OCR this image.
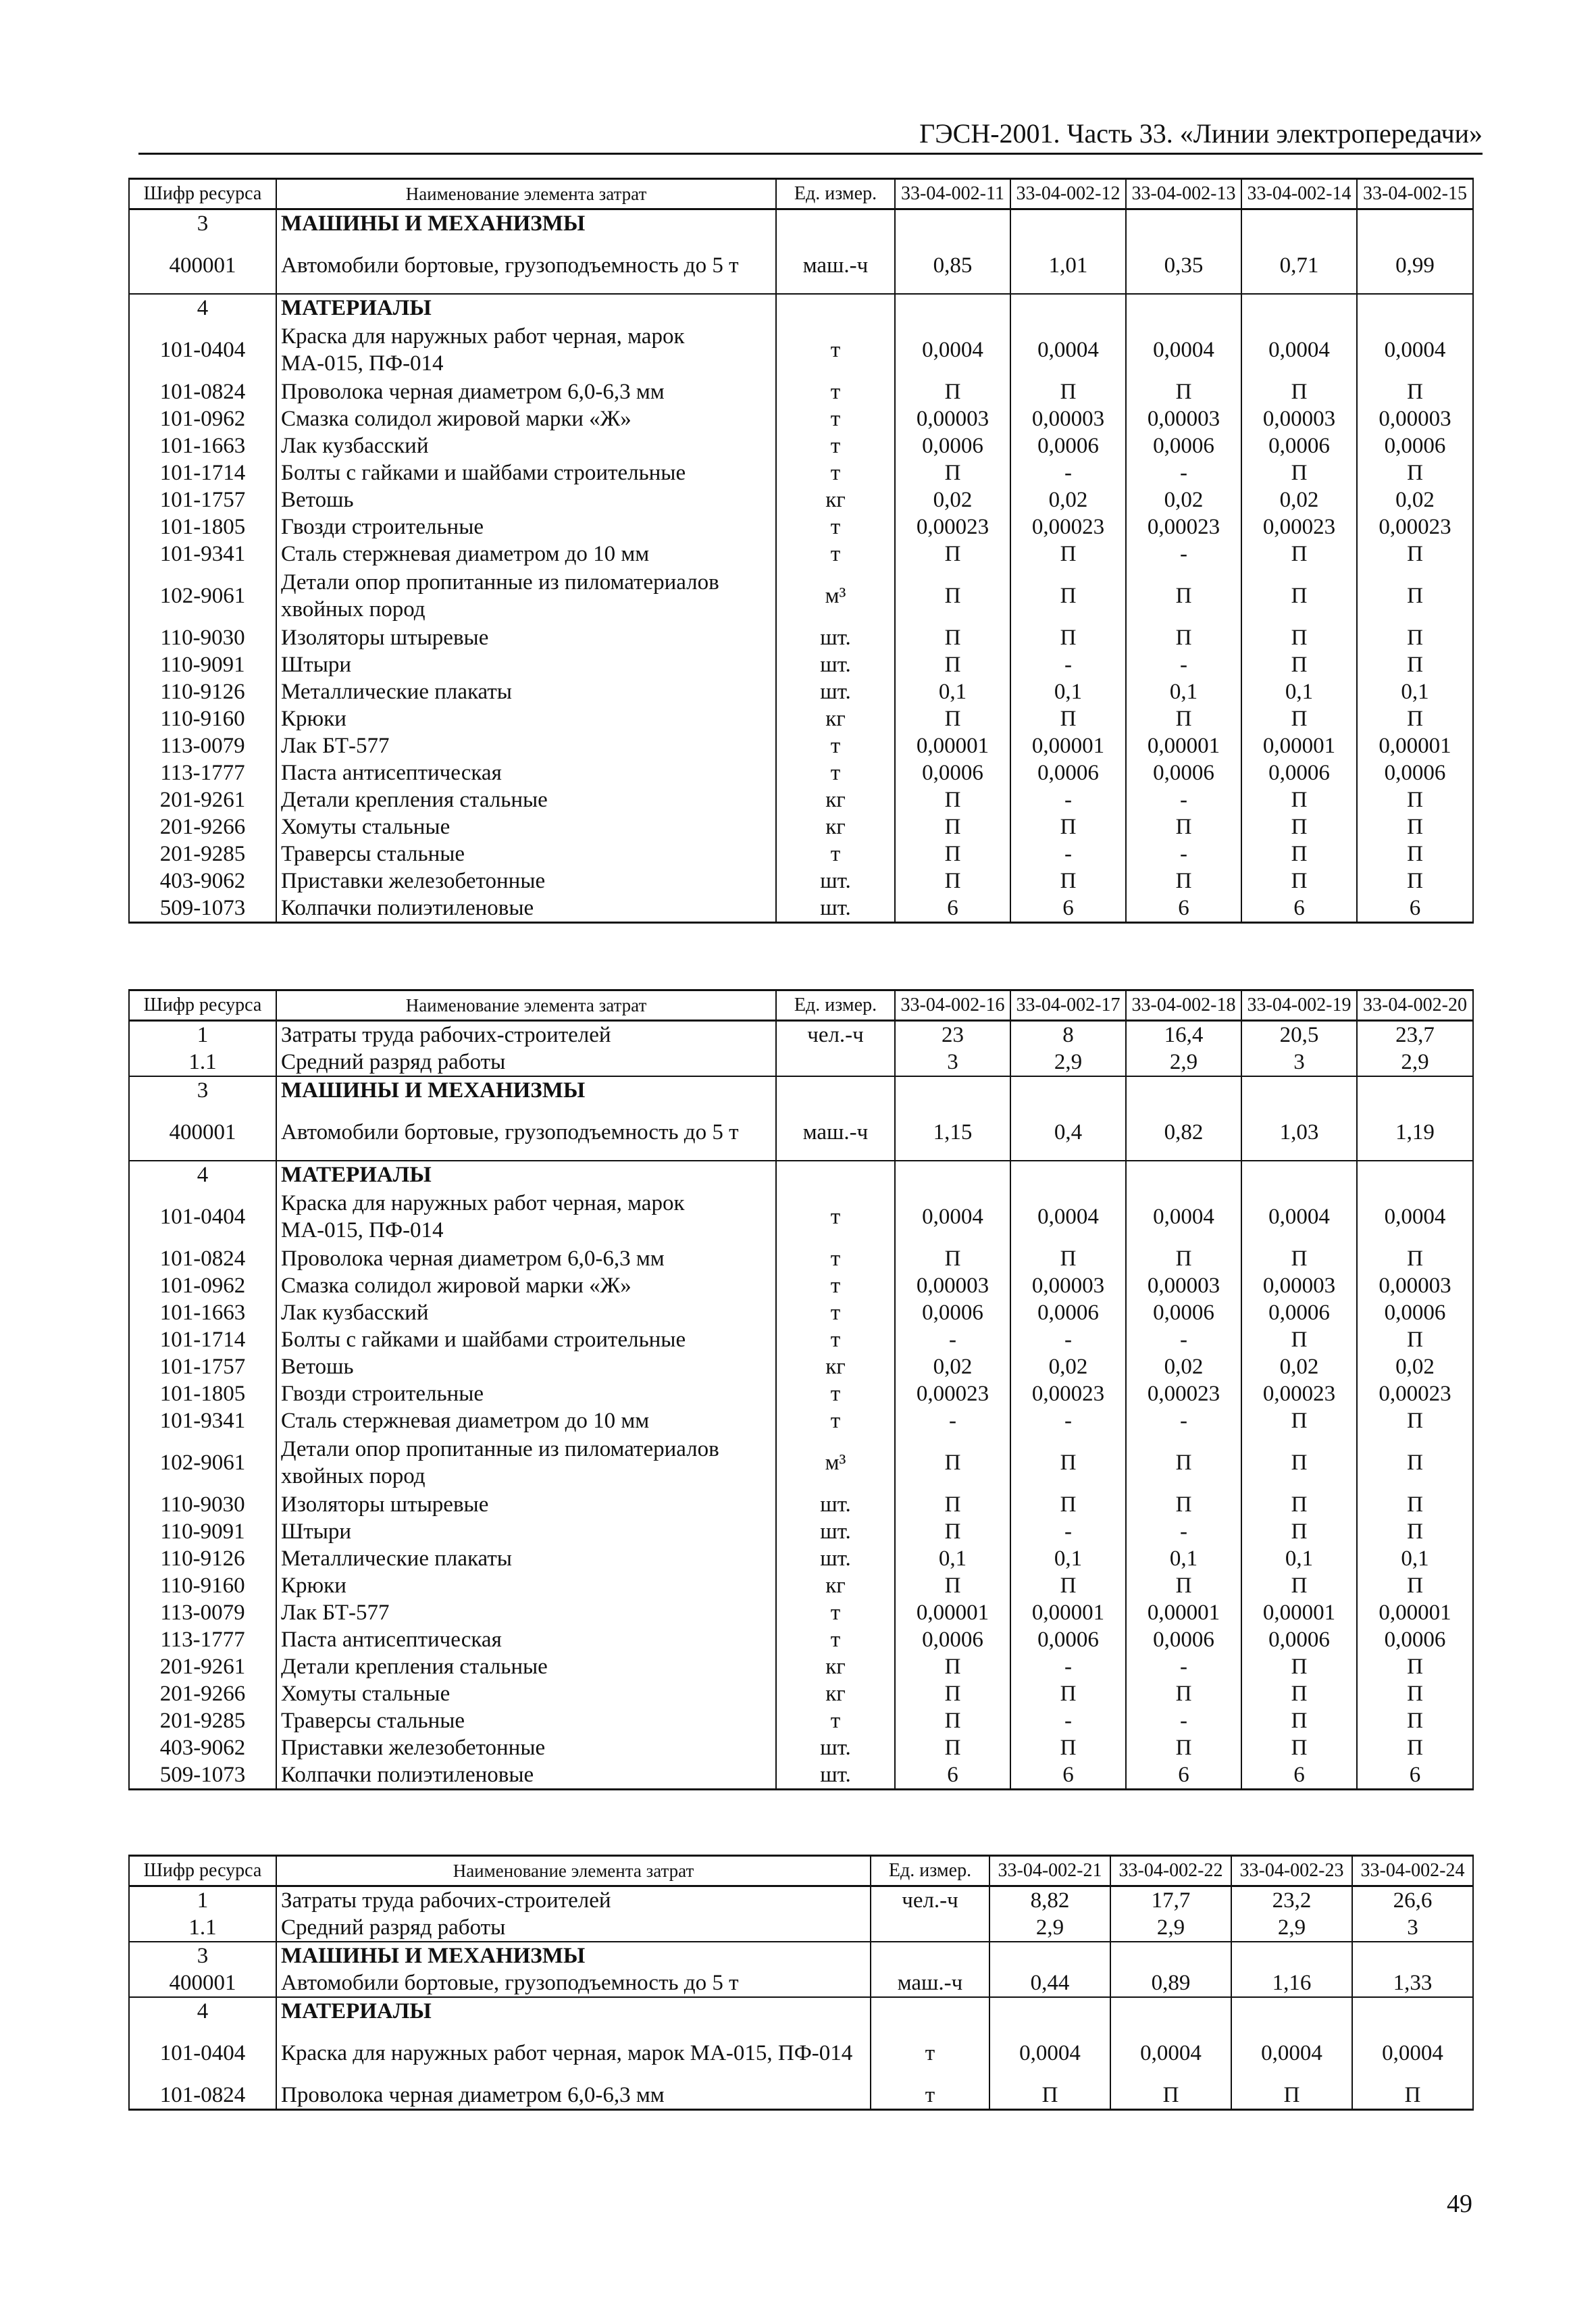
ГЭСН-2001. Часть 33. «Линии электропередачи»
Шифр ресурса	Наименование элемента затрат	Ед. измер.	33-04-002-11	33-04-002-12	33-04-002-13	33-04-002-14	33-04-002-15
3	МАШИНЫ И МЕХАНИЗМЫ						
400001	Автомобили бортовые, грузоподъемность до 5 т	маш.-ч	0,85	1,01	0,35	0,71	0,99
4	МАТЕРИАЛЫ						
101-0404	Краска для наружных работ черная, марок МА-015, ПФ-014	т	0,0004	0,0004	0,0004	0,0004	0,0004
101-0824	Проволока черная диаметром 6,0-6,3 мм	т	П	П	П	П	П
101-0962	Смазка солидол жировой марки «Ж»	т	0,00003	0,00003	0,00003	0,00003	0,00003
101-1663	Лак кузбасский	т	0,0006	0,0006	0,0006	0,0006	0,0006
101-1714	Болты с гайками и шайбами строительные	т	П	-	-	П	П
101-1757	Ветошь	кг	0,02	0,02	0,02	0,02	0,02
101-1805	Гвозди строительные	т	0,00023	0,00023	0,00023	0,00023	0,00023
101-9341	Сталь стержневая диаметром до 10 мм	т	П	П	-	П	П
102-9061	Детали опор пропитанные из пиломатериалов хвойных пород	м³	П	П	П	П	П
110-9030	Изоляторы штыревые	шт.	П	П	П	П	П
110-9091	Штыри	шт.	П	-	-	П	П
110-9126	Металлические плакаты	шт.	0,1	0,1	0,1	0,1	0,1
110-9160	Крюки	кг	П	П	П	П	П
113-0079	Лак БТ-577	т	0,00001	0,00001	0,00001	0,00001	0,00001
113-1777	Паста антисептическая	т	0,0006	0,0006	0,0006	0,0006	0,0006
201-9261	Детали крепления стальные	кг	П	-	-	П	П
201-9266	Хомуты стальные	кг	П	П	П	П	П
201-9285	Траверсы стальные	т	П	-	-	П	П
403-9062	Приставки железобетонные	шт.	П	П	П	П	П
509-1073	Колпачки полиэтиленовые	шт.	6	6	6	6	6
Шифр ресурса	Наименование элемента затрат	Ед. измер.	33-04-002-16	33-04-002-17	33-04-002-18	33-04-002-19	33-04-002-20
1	Затраты труда рабочих-строителей	чел.-ч	23	8	16,4	20,5	23,7
1.1	Средний разряд работы		3	2,9	2,9	3	2,9
3	МАШИНЫ И МЕХАНИЗМЫ						
400001	Автомобили бортовые, грузоподъемность до 5 т	маш.-ч	1,15	0,4	0,82	1,03	1,19
4	МАТЕРИАЛЫ						
101-0404	Краска для наружных работ черная, марок МА-015, ПФ-014	т	0,0004	0,0004	0,0004	0,0004	0,0004
101-0824	Проволока черная диаметром 6,0-6,3 мм	т	П	П	П	П	П
101-0962	Смазка солидол жировой марки «Ж»	т	0,00003	0,00003	0,00003	0,00003	0,00003
101-1663	Лак кузбасский	т	0,0006	0,0006	0,0006	0,0006	0,0006
101-1714	Болты с гайками и шайбами строительные	т	-	-	-	П	П
101-1757	Ветошь	кг	0,02	0,02	0,02	0,02	0,02
101-1805	Гвозди строительные	т	0,00023	0,00023	0,00023	0,00023	0,00023
101-9341	Сталь стержневая диаметром до 10 мм	т	-	-	-	П	П
102-9061	Детали опор пропитанные из пиломатериалов хвойных пород	м³	П	П	П	П	П
110-9030	Изоляторы штыревые	шт.	П	П	П	П	П
110-9091	Штыри	шт.	П	-	-	П	П
110-9126	Металлические плакаты	шт.	0,1	0,1	0,1	0,1	0,1
110-9160	Крюки	кг	П	П	П	П	П
113-0079	Лак БТ-577	т	0,00001	0,00001	0,00001	0,00001	0,00001
113-1777	Паста антисептическая	т	0,0006	0,0006	0,0006	0,0006	0,0006
201-9261	Детали крепления стальные	кг	П	-	-	П	П
201-9266	Хомуты стальные	кг	П	П	П	П	П
201-9285	Траверсы стальные	т	П	-	-	П	П
403-9062	Приставки железобетонные	шт.	П	П	П	П	П
509-1073	Колпачки полиэтиленовые	шт.	6	6	6	6	6
Шифр ресурса	Наименование элемента затрат	Ед. измер.	33-04-002-21	33-04-002-22	33-04-002-23	33-04-002-24
1	Затраты труда рабочих-строителей	чел.-ч	8,82	17,7	23,2	26,6
1.1	Средний разряд работы		2,9	2,9	2,9	3
3	МАШИНЫ И МЕХАНИЗМЫ					
400001	Автомобили бортовые, грузоподъемность до 5 т	маш.-ч	0,44	0,89	1,16	1,33
4	МАТЕРИАЛЫ					
101-0404	Краска для наружных работ черная, марок МА-015, ПФ-014	т	0,0004	0,0004	0,0004	0,0004
101-0824	Проволока черная диаметром 6,0-6,3 мм	т	П	П	П	П
49
